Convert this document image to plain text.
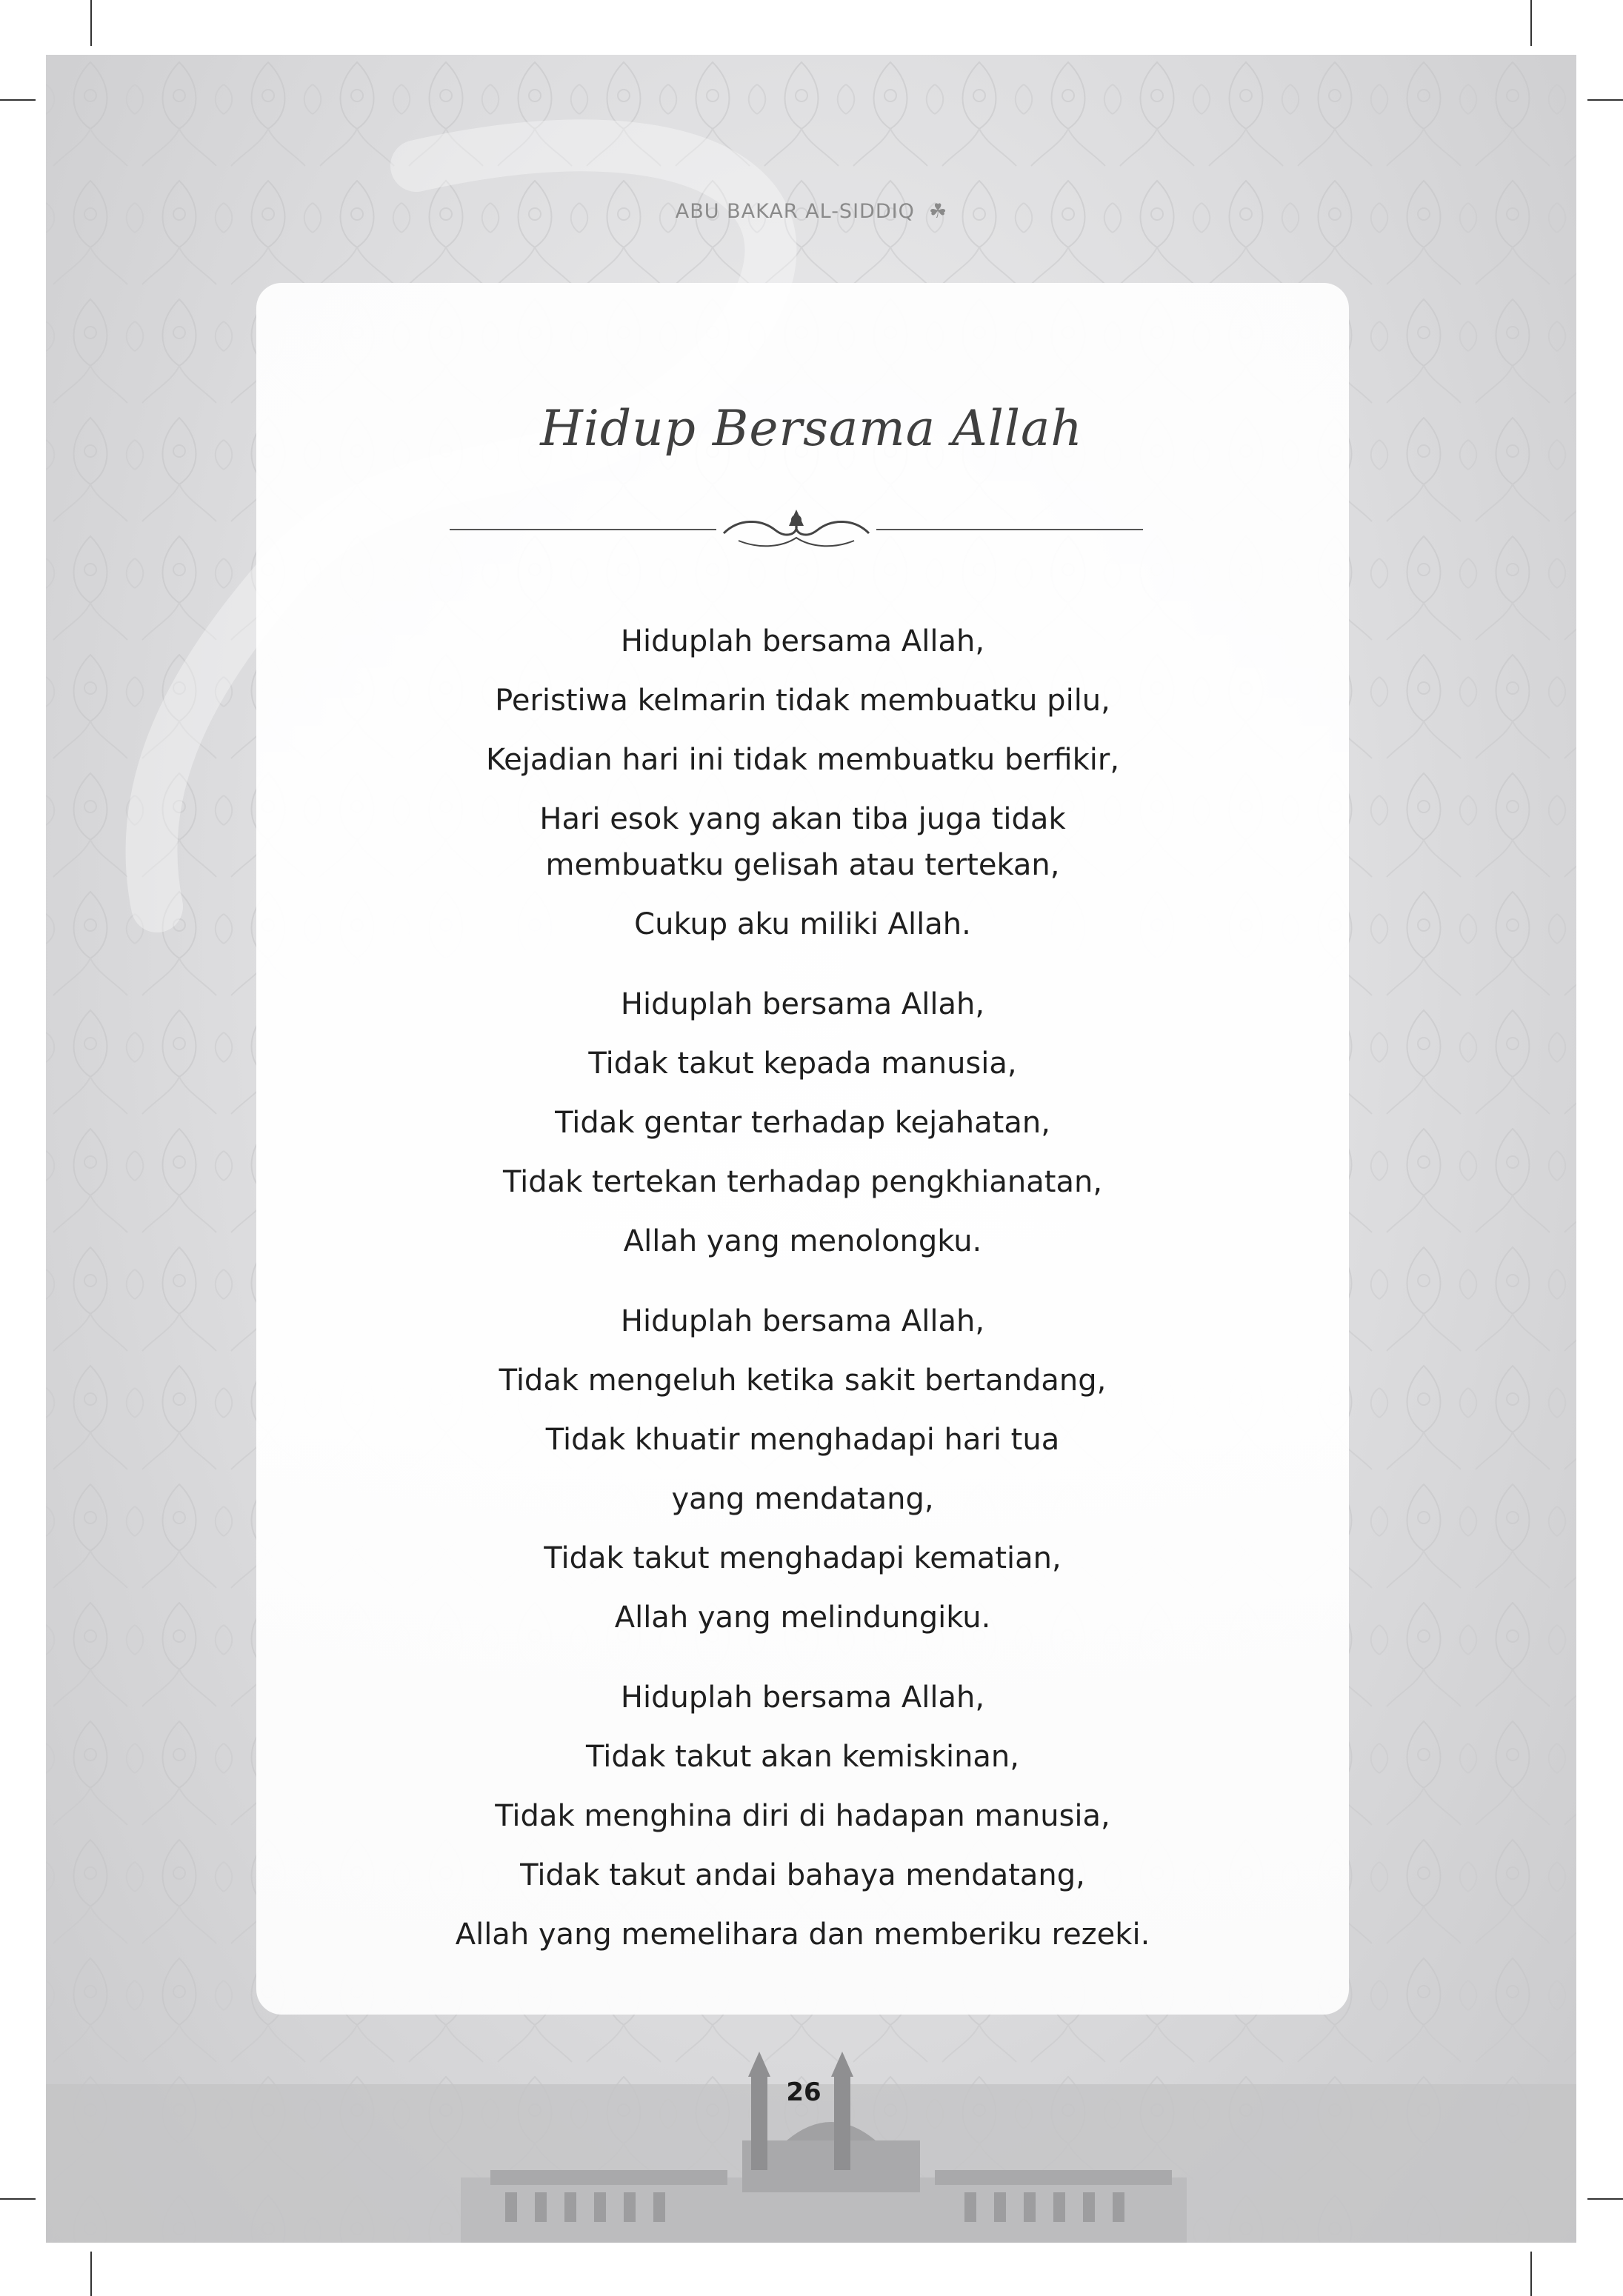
ABU BAKAR AL-SIDDIQ  ☘
Hidup Bersama Allah
Hiduplah bersama Allah,
Peristiwa kelmarin tidak membuatku pilu,
Kejadian hari ini tidak membuatku berfikir,
Hari esok yang akan tiba juga tidak membuatku gelisah atau tertekan,
Cukup aku miliki Allah.
Hiduplah bersama Allah,
Tidak takut kepada manusia,
Tidak gentar terhadap kejahatan,
Tidak tertekan terhadap pengkhianatan,
Allah yang menolongku.
Hiduplah bersama Allah,
Tidak mengeluh ketika sakit bertandang,
Tidak khuatir menghadapi hari tua
yang mendatang,
Tidak takut menghadapi kematian,
Allah yang melindungiku.
Hiduplah bersama Allah,
Tidak takut akan kemiskinan,
Tidak menghina diri di hadapan manusia,
Tidak takut andai bahaya mendatang,
Allah yang memelihara dan memberiku rezeki.
26
